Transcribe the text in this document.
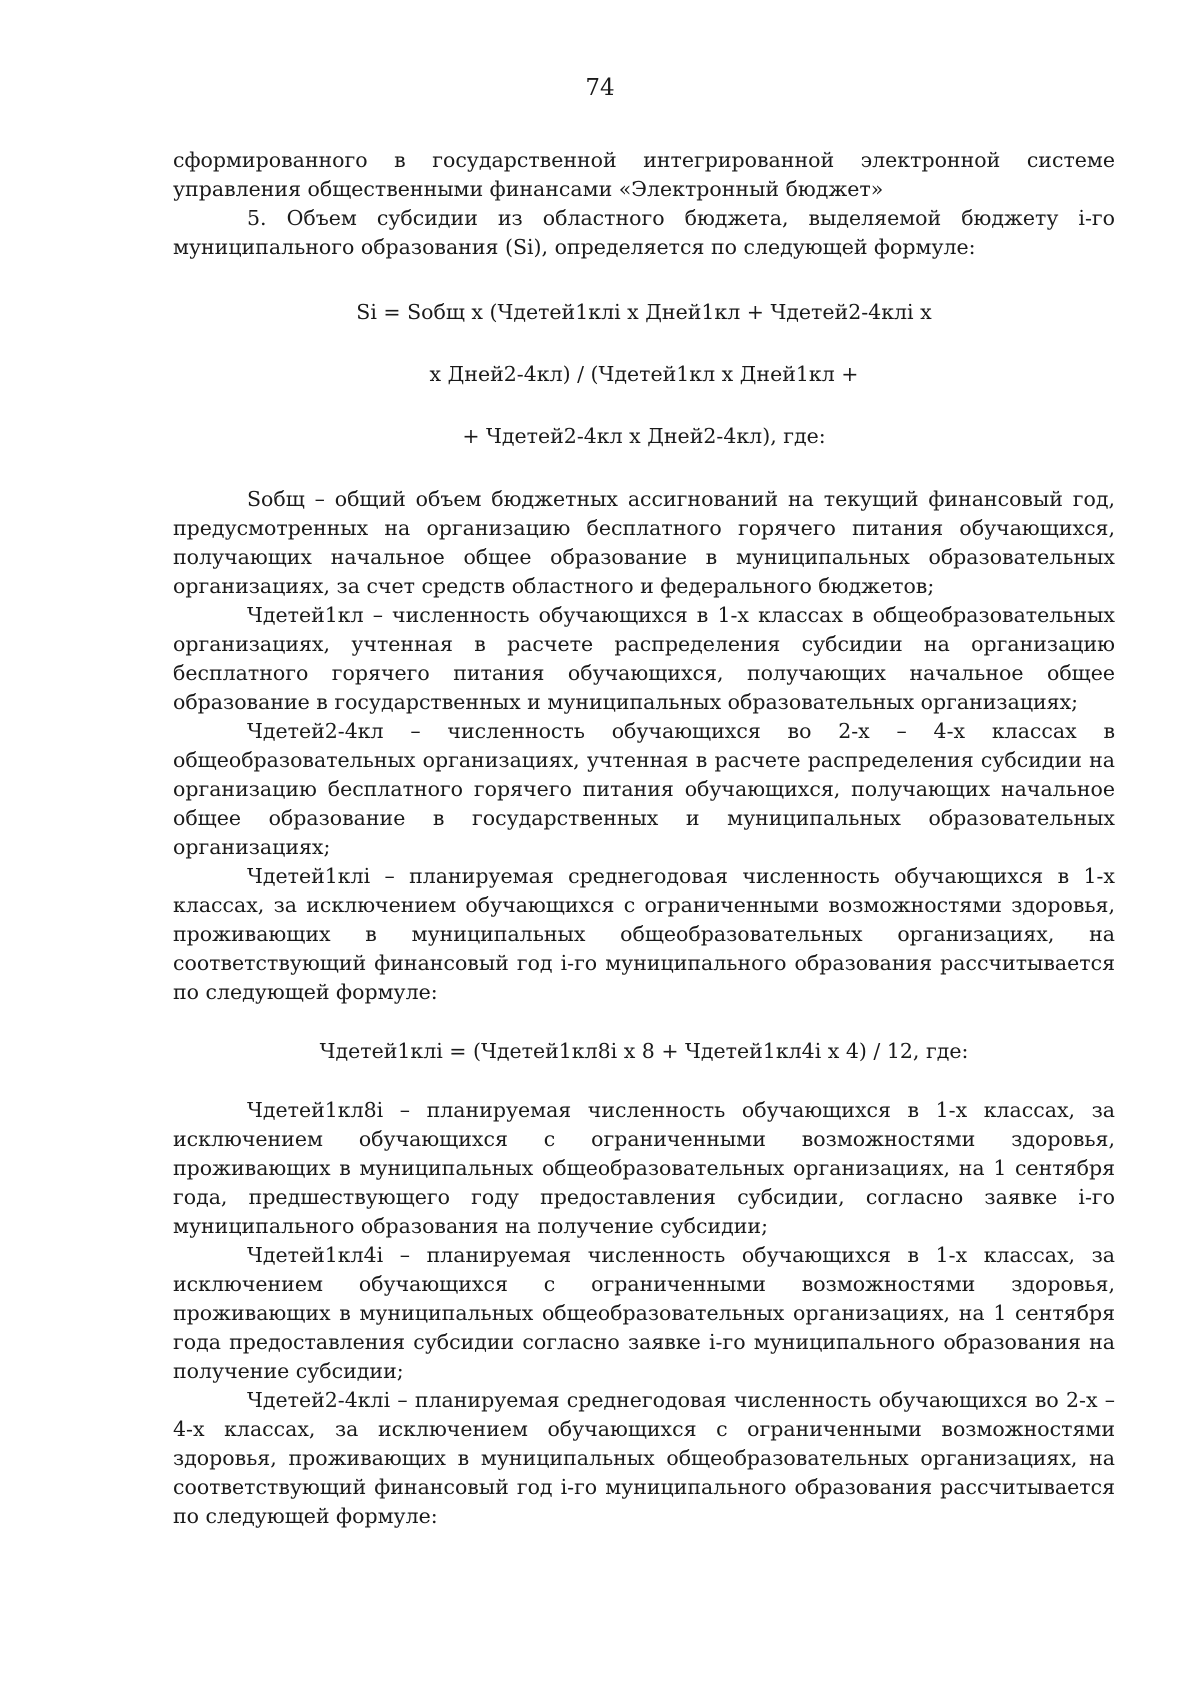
74

сформированного в государственной интегрированной электронной системе управления общественными финансами «Электронный бюджет»

5. Объем субсидии из областного бюджета, выделяемой бюджету i-го муниципального образования (Si), определяется по следующей формуле:

Si = Sобщ x (Чдетей1клi x Дней1кл + Чдетей2-4клi x

x Дней2-4кл) / (Чдетей1кл x Дней1кл +

+ Чдетей2-4кл x Дней2-4кл), где:

Sобщ – общий объем бюджетных ассигнований на текущий финансовый год, предусмотренных на организацию бесплатного горячего питания обучающихся, получающих начальное общее образование в муниципальных образовательных организациях, за счет средств областного и федерального бюджетов;

Чдетей1кл – численность обучающихся в 1-х классах в общеобразовательных организациях, учтенная в расчете распределения субсидии на организацию бесплатного горячего питания обучающихся, получающих начальное общее образование в государственных и муниципальных образовательных организациях;

Чдетей2-4кл – численность обучающихся во 2-х – 4-х классах в общеобразовательных организациях, учтенная в расчете распределения субсидии на организацию бесплатного горячего питания обучающихся, получающих начальное общее образование в государственных и муниципальных образовательных организациях;

Чдетей1клi – планируемая среднегодовая численность обучающихся в 1-х классах, за исключением обучающихся с ограниченными возможностями здоровья, проживающих в муниципальных общеобразовательных организациях, на соответствующий финансовый год i-го муниципального образования рассчитывается по следующей формуле:

Чдетей1клi = (Чдетей1кл8i x 8 + Чдетей1кл4i x 4) / 12, где:

Чдетей1кл8i – планируемая численность обучающихся в 1-х классах, за исключением обучающихся с ограниченными возможностями здоровья, проживающих в муниципальных общеобразовательных организациях, на 1 сентября года, предшествующего году предоставления субсидии, согласно заявке i-го муниципального образования на получение субсидии;

Чдетей1кл4i – планируемая численность обучающихся в 1-х классах, за исключением обучающихся с ограниченными возможностями здоровья, проживающих в муниципальных общеобразовательных организациях, на 1 сентября года предоставления субсидии согласно заявке i-го муниципального образования на получение субсидии;

Чдетей2-4клi – планируемая среднегодовая численность обучающихся во 2-х – 4-х классах, за исключением обучающихся с ограниченными возможностями здоровья, проживающих в муниципальных общеобразовательных организациях, на соответствующий финансовый год i-го муниципального образования рассчитывается по следующей формуле:
